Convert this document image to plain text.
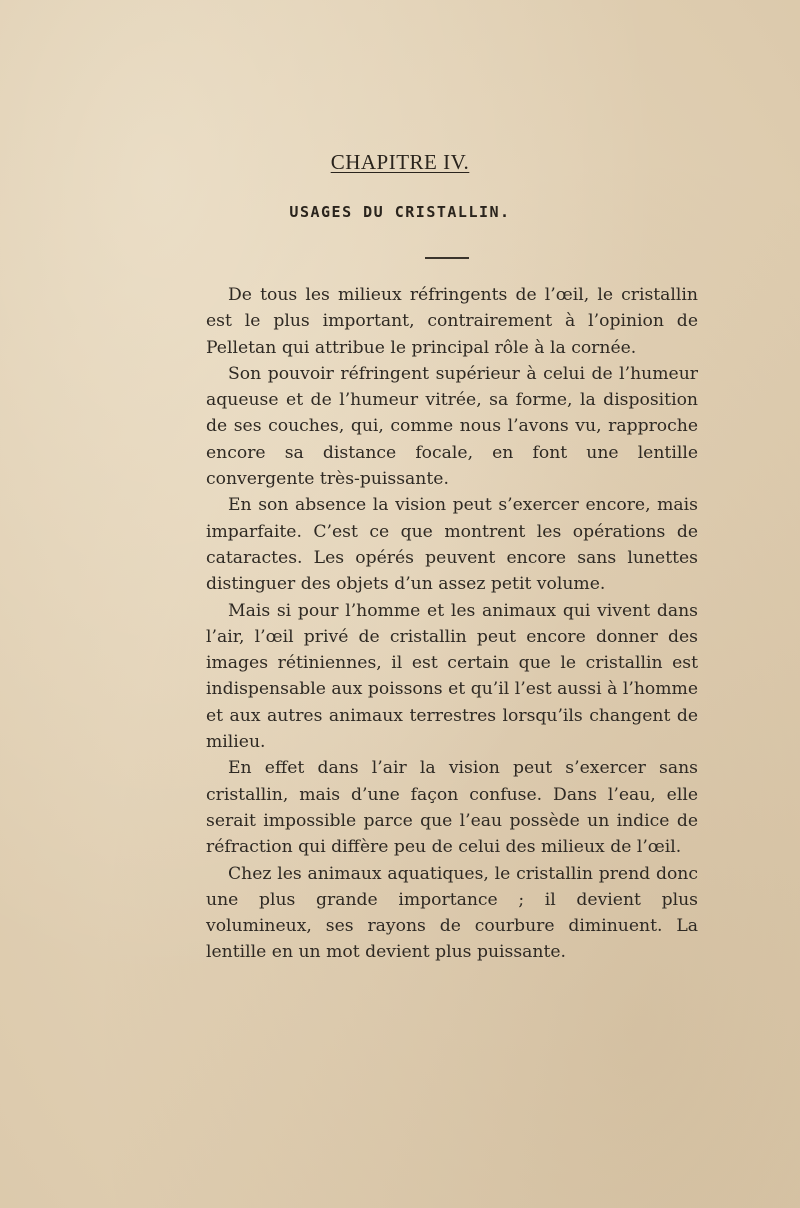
CHAPITRE IV.
USAGES DU CRISTALLIN.

De tous les milieux réfringents de l’œil, le cristallin est le plus important, contrairement à l’opinion de Pelletan qui attribue le principal rôle à la cornée.

Son pouvoir réfringent supérieur à celui de l’humeur aqueuse et de l’humeur vitrée, sa forme, la disposition de ses couches, qui, comme nous l’avons vu, rapproche encore sa distance focale, en font une lentille convergente très-puissante.

En son absence la vision peut s’exercer encore, mais imparfaite. C’est ce que montrent les opérations de cataractes. Les opérés peuvent encore sans lunettes distinguer des objets d’un assez petit volume.

Mais si pour l’homme et les animaux qui vivent dans l’air, l’œil privé de cristallin peut encore donner des images rétiniennes, il est certain que le cristallin est indispensable aux poissons et qu’il l’est aussi à l’homme et aux autres animaux terrestres lorsqu’ils changent de milieu.

En effet dans l’air la vision peut s’exercer sans cristallin, mais d’une façon confuse. Dans l’eau, elle serait impossible parce que l’eau possède un indice de réfraction qui diffère peu de celui des milieux de l’œil.

Chez les animaux aquatiques, le cristallin prend donc une plus grande importance ; il devient plus volumineux, ses rayons de courbure diminuent. La lentille en un mot devient plus puissante.
